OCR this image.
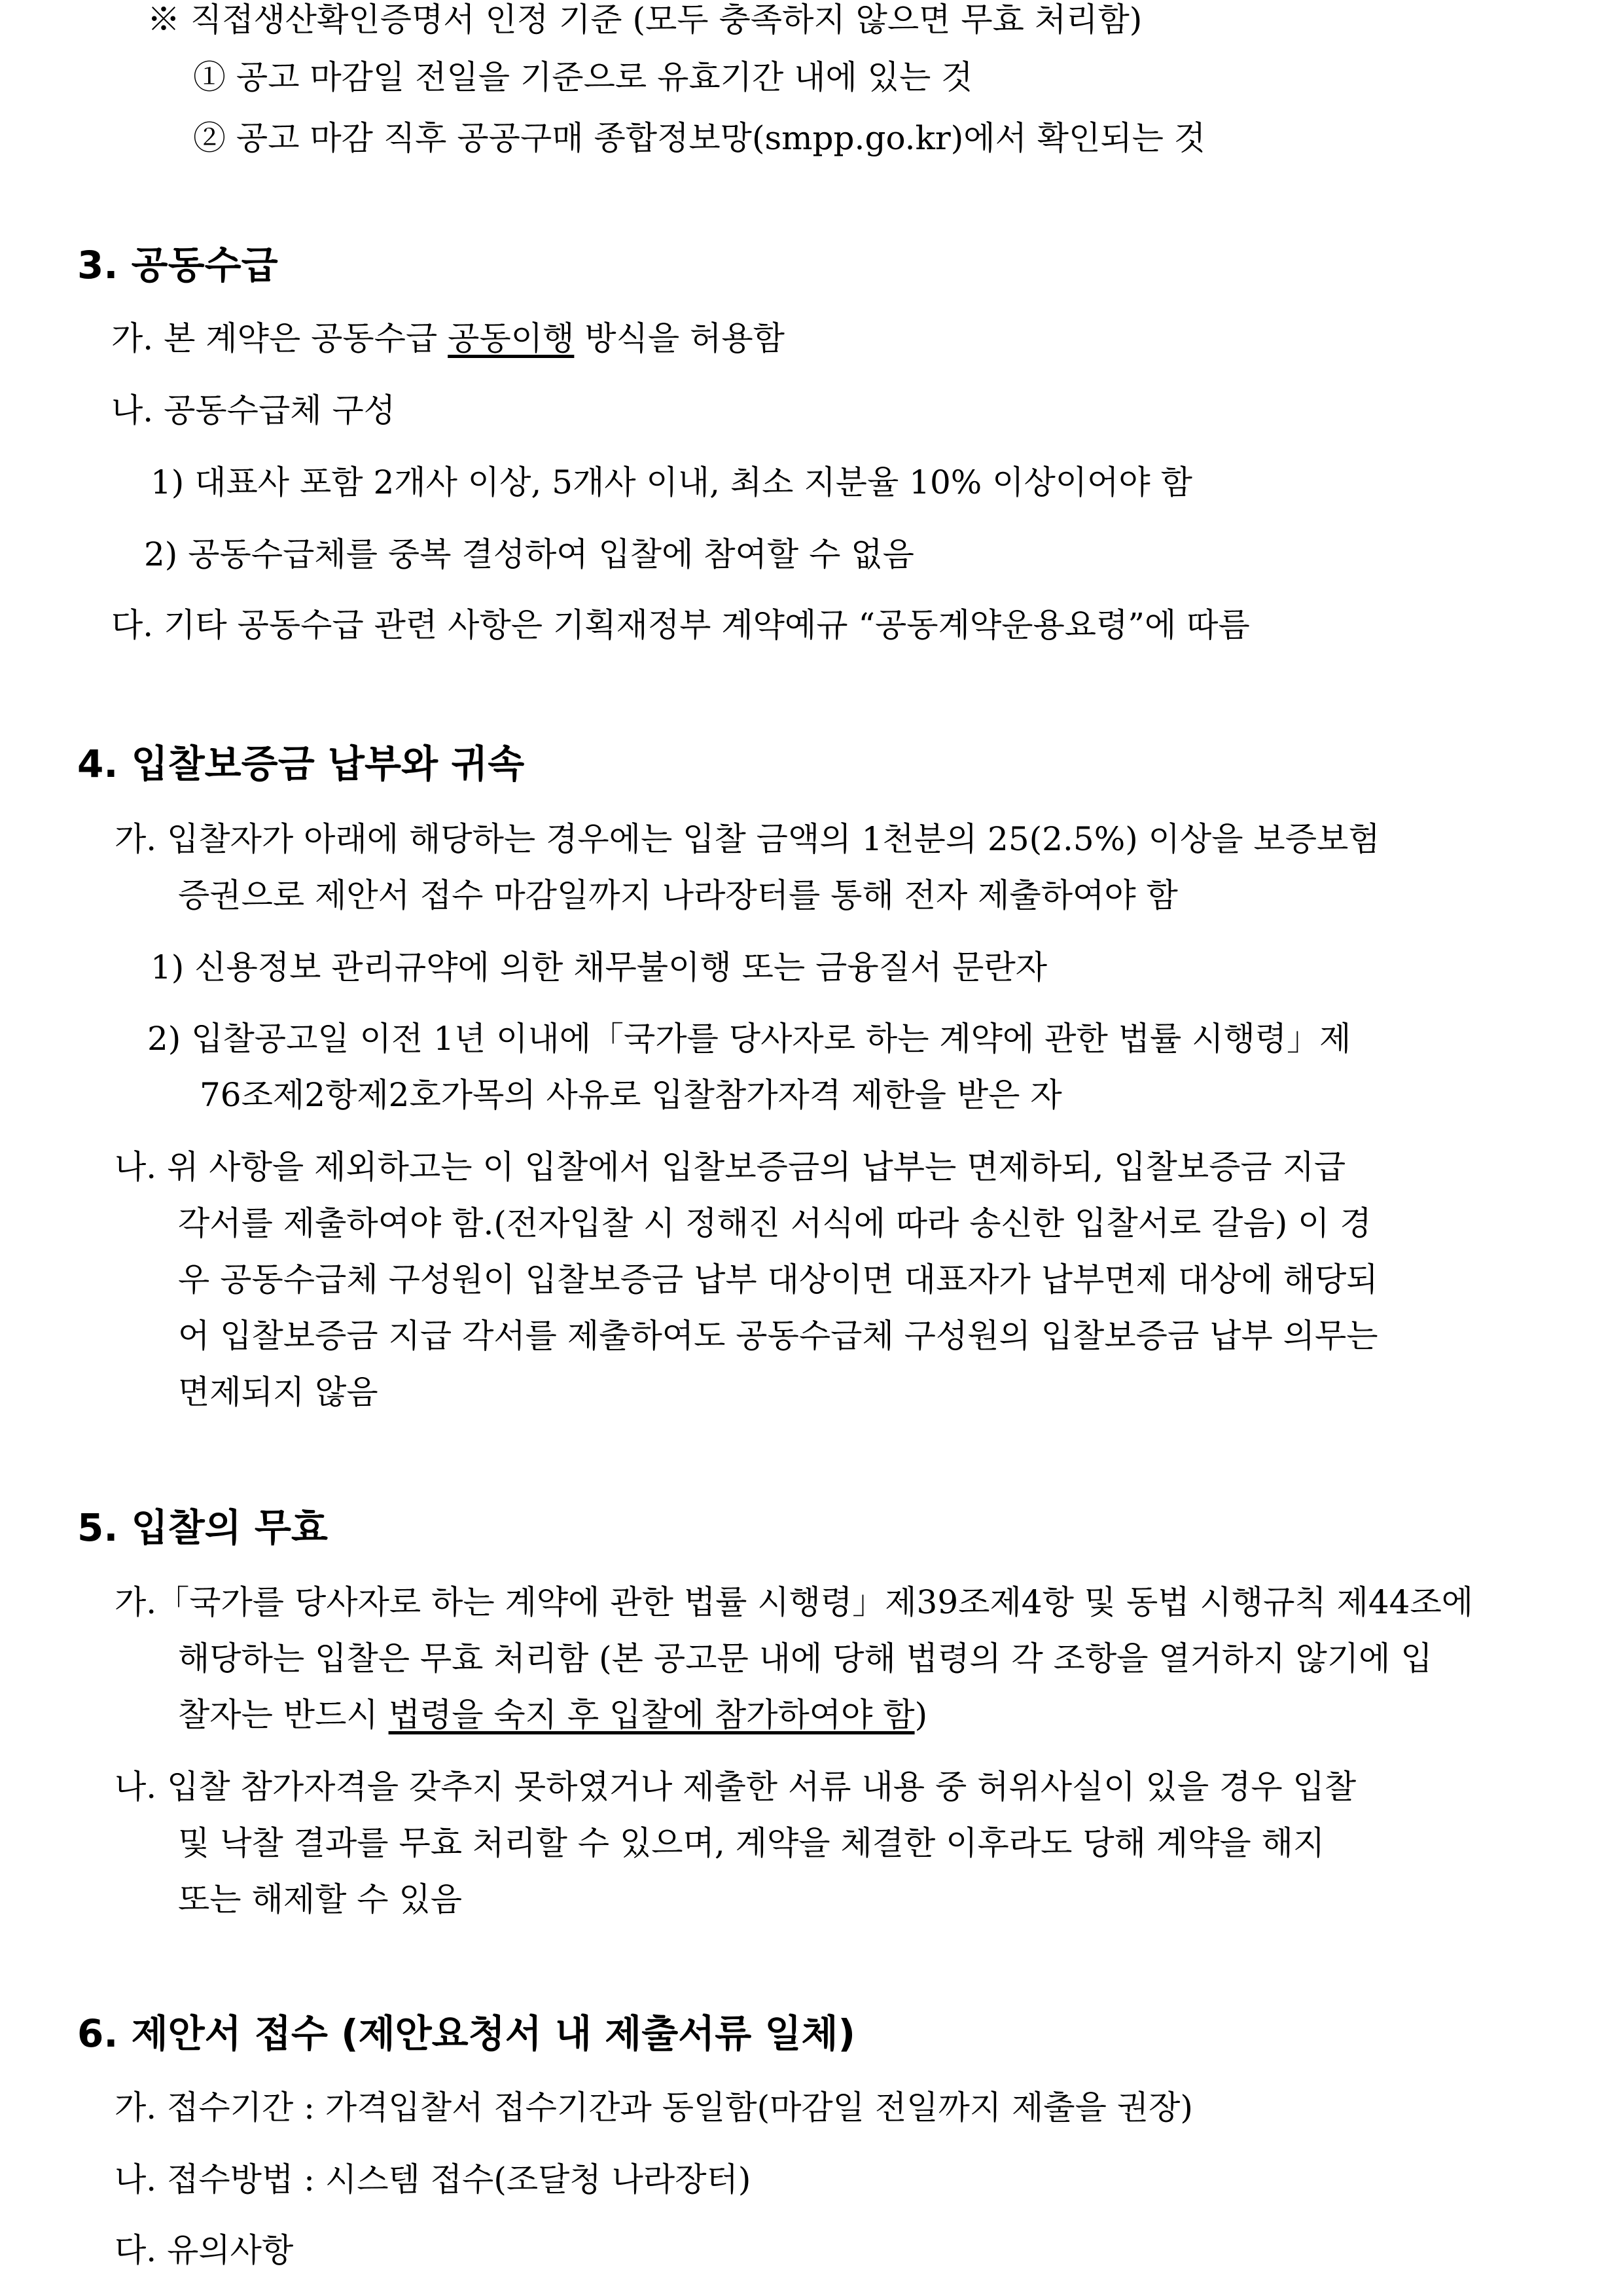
※ 직접생산확인증명서 인정 기준 (모두 충족하지 않으면 무효 처리함)
① 공고 마감일 전일을 기준으로 유효기간 내에 있는 것
② 공고 마감 직후 공공구매 종합정보망(smpp.go.kr)에서 확인되는 것
3. 공동수급
가. 본 계약은 공동수급 공동이행 방식을 허용함
나. 공동수급체 구성
1) 대표사 포함 2개사 이상, 5개사 이내, 최소 지분율 10% 이상이어야 함
2) 공동수급체를 중복 결성하여 입찰에 참여할 수 없음
다. 기타 공동수급 관련 사항은 기획재정부 계약예규 “공동계약운용요령”에 따름
4. 입찰보증금 납부와 귀속
가. 입찰자가 아래에 해당하는 경우에는 입찰 금액의 1천분의 25(2.5%) 이상을 보증보험
증권으로 제안서 접수 마감일까지 나라장터를 통해 전자 제출하여야 함
1) 신용정보 관리규약에 의한 채무불이행 또는 금융질서 문란자
2) 입찰공고일 이전 1년 이내에「국가를 당사자로 하는 계약에 관한 법률 시행령」제
76조제2항제2호가목의 사유로 입찰참가자격 제한을 받은 자
나. 위 사항을 제외하고는 이 입찰에서 입찰보증금의 납부는 면제하되, 입찰보증금 지급
각서를 제출하여야 함.(전자입찰 시 정해진 서식에 따라 송신한 입찰서로 갈음) 이 경
우 공동수급체 구성원이 입찰보증금 납부 대상이면 대표자가 납부면제 대상에 해당되
어 입찰보증금 지급 각서를 제출하여도 공동수급체 구성원의 입찰보증금 납부 의무는
면제되지 않음
5. 입찰의 무효
가.「국가를 당사자로 하는 계약에 관한 법률 시행령」제39조제4항 및 동법 시행규칙 제44조에
해당하는 입찰은 무효 처리함 (본 공고문 내에 당해 법령의 각 조항을 열거하지 않기에 입
찰자는 반드시 법령을 숙지 후 입찰에 참가하여야 함)
나. 입찰 참가자격을 갖추지 못하였거나 제출한 서류 내용 중 허위사실이 있을 경우 입찰
및 낙찰 결과를 무효 처리할 수 있으며, 계약을 체결한 이후라도 당해 계약을 해지
또는 해제할 수 있음
6. 제안서 접수 (제안요청서 내 제출서류 일체)
가. 접수기간 : 가격입찰서 접수기간과 동일함(마감일 전일까지 제출을 권장)
나. 접수방법 : 시스템 접수(조달청 나라장터)
다. 유의사항
